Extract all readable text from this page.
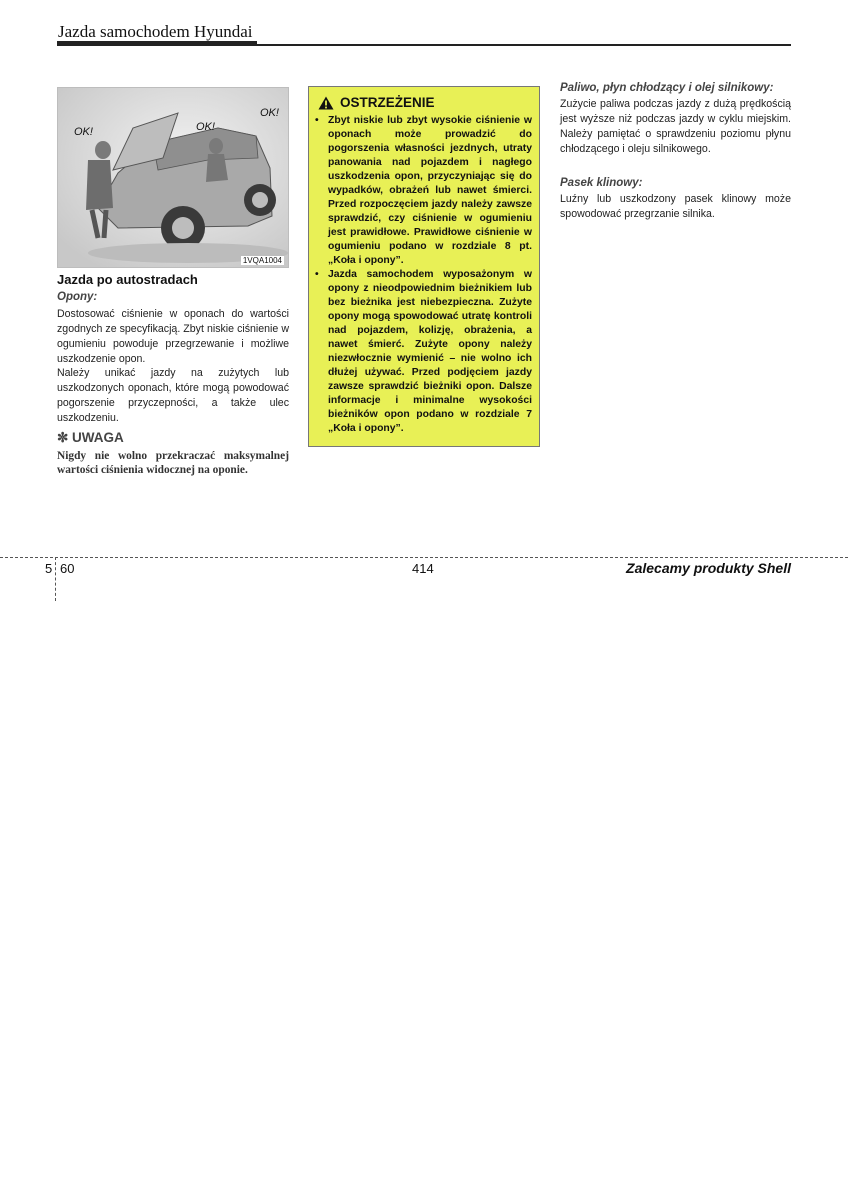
Jazda samochodem Hyundai
OK!	OK!
OK!
1VQA1004
Jazda po autostradach
Opony:
Dostosować ciśnienie w oponach do wartości zgodnych ze specyfikacją. Zbyt niskie ciśnienie w ogumieniu powoduje przegrzewanie i możliwe uszkodzenie opon.
Należy unikać jazdy na zużytych lub uszkodzonych oponach, które mogą powodować pogorszenie przyczepności, a także ulec uszkodzeniu.
✼ UWAGA
Nigdy nie wolno przekraczać maksymalnej wartości ciśnienia widocznej na oponie.
OSTRZEŻENIE
• Zbyt niskie lub zbyt wysokie ciśnienie w oponach może prowadzić do pogorszenia własności jezdnych, utraty panowania nad pojazdem i nagłego uszkodzenia opon, przyczyniając się do wypadków, obrażeń lub nawet śmierci. Przed rozpoczęciem jazdy należy zawsze sprawdzić, czy ciśnienie w ogumieniu jest prawidłowe. Prawidłowe ciśnienie w ogumieniu podano w rozdziale 8 pt. „Koła i opony”.
• Jazda samochodem wyposażonym w opony z nieodpowiednim bieżnikiem lub bez bieżnika jest niebezpieczna. Zużyte opony mogą spowodować utratę kontroli nad pojazdem, kolizję, obrażenia, a nawet śmierć. Zużyte opony należy niezwłocznie wymienić – nie wolno ich dłużej używać. Przed podjęciem jazdy zawsze sprawdzić bieżniki opon. Dalsze informacje i minimalne wysokości bieżników opon podano w rozdziale 7 „Koła i opony”.
Paliwo, płyn chłodzący i olej silnikowy:
Zużycie paliwa podczas jazdy z dużą prędkością jest wyższe niż podczas jazdy w cyklu miejskim. Należy pamiętać o sprawdzeniu poziomu płynu chłodzącego i oleju silnikowego.
Pasek klinowy:
Luźny lub uszkodzony pasek klinowy może spowodować przegrzanie silnika.
5 60	414	Zalecamy produkty Shell
